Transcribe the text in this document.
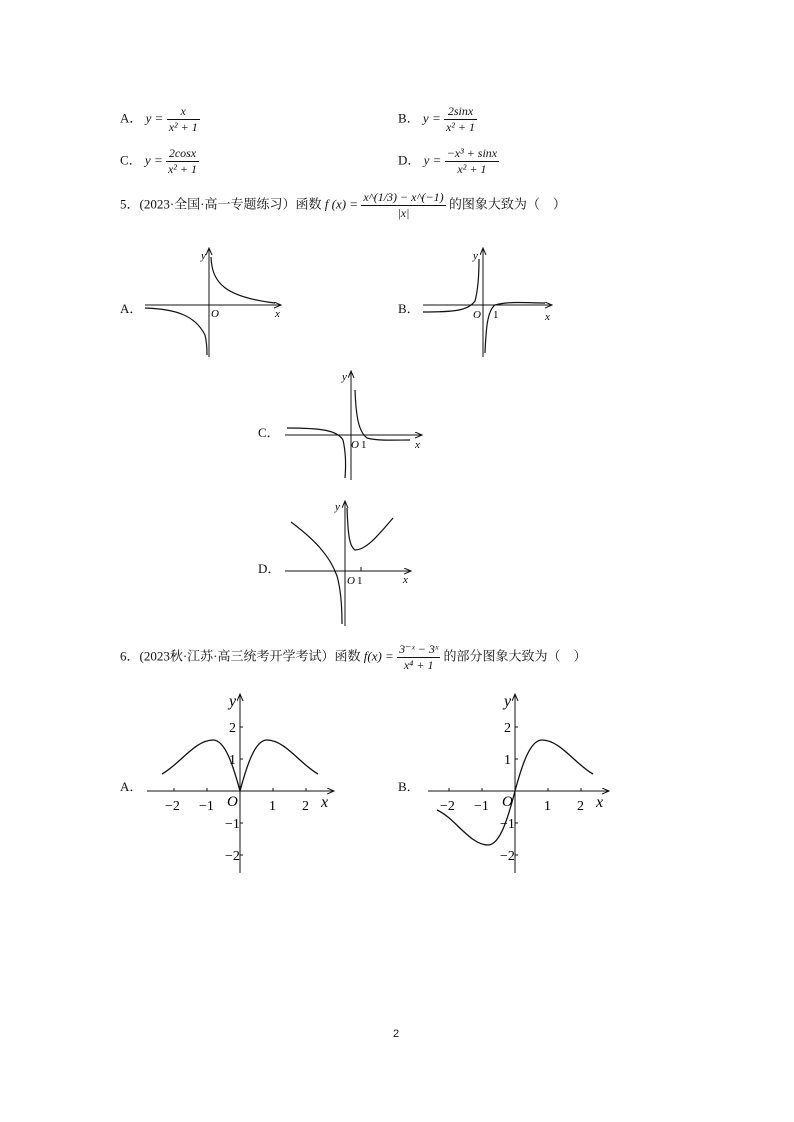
A． $y = \frac{x}{\text{x² + 1}}$	B． $y = \frac{2\sin x}{\text{x² + 1}}$
C． $y = \frac{2\cos x}{\text{x² + 1}}$	D． $y = \frac{\text{−x³ + sinx}}{\text{x² + 1}}$
5．(2023·全国·高一专题练习）函数 f $(x) = \frac{x\^{}(1/3) - x\^{}(-1)}{|x|}$ 的图象大致为（　）
A．
y
O	x	B．
y
O 1	x
C．
y
O 1	x
D．
y
O 1	x
6．(2023秋·江苏·高三统考开学考试）函数 $f(x) = \frac{\text{3⁻ˣ − 3ˣ}}{\text{x⁴ + 1}}$ 的部分图象大致为（　）
A．
y
O	x
−2 −1	1 2
2
1
−1
−2
B．
y
O	x
−2 −1	1 2
2
1
−1
−2
2
